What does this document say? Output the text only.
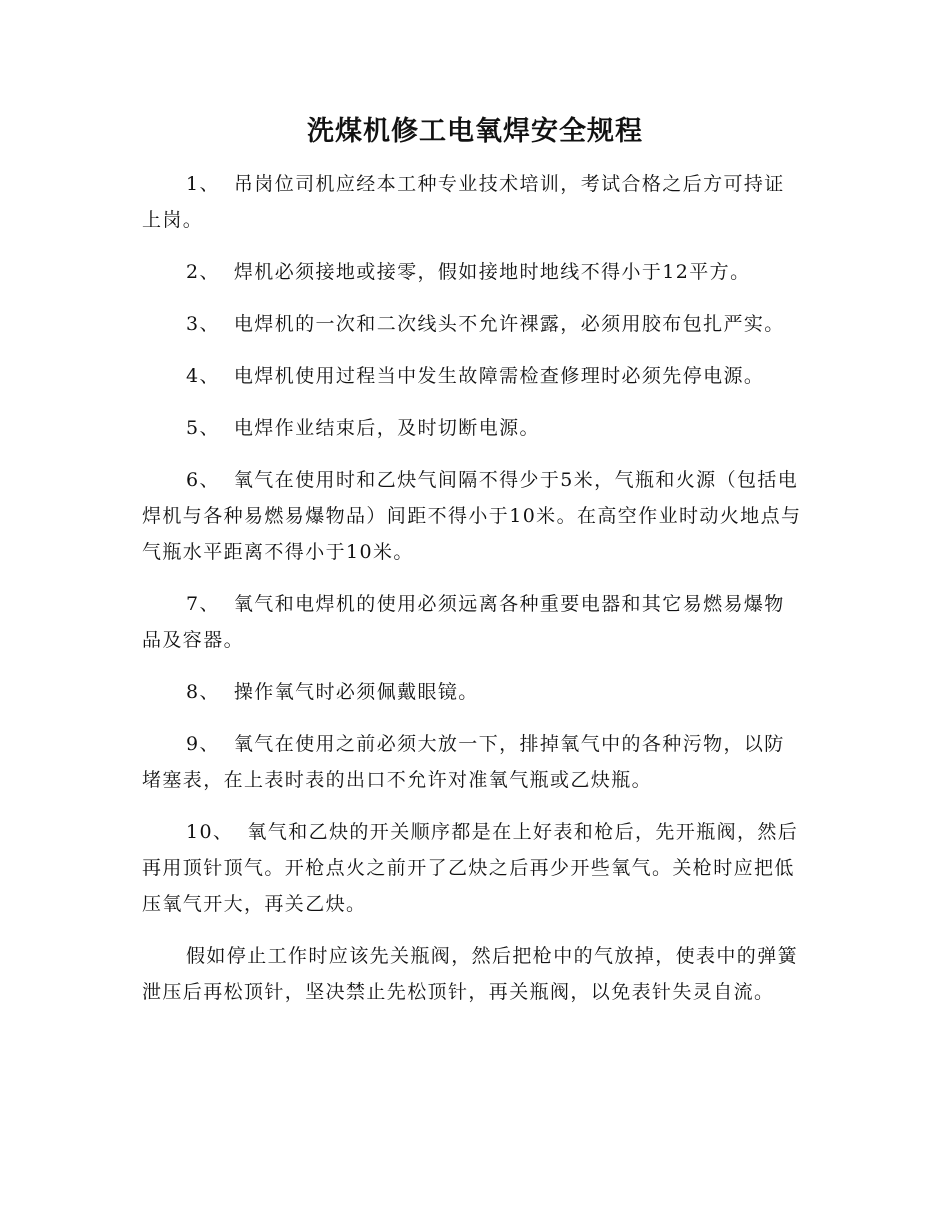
洗煤机修工电氧焊安全规程

1、 吊岗位司机应经本工种专业技术培训，考试合格之后方可持证上岗。

2、 焊机必须接地或接零，假如接地时地线不得小于12平方。

3、 电焊机的一次和二次线头不允许裸露，必须用胶布包扎严实。

4、 电焊机使用过程当中发生故障需检查修理时必须先停电源。

5、 电焊作业结束后，及时切断电源。

6、 氧气在使用时和乙炔气间隔不得少于5米，气瓶和火源（包括电焊机与各种易燃易爆物品）间距不得小于10米。在高空作业时动火地点与气瓶水平距离不得小于10米。

7、 氧气和电焊机的使用必须远离各种重要电器和其它易燃易爆物品及容器。

8、 操作氧气时必须佩戴眼镜。

9、 氧气在使用之前必须大放一下，排掉氧气中的各种污物，以防堵塞表，在上表时表的出口不允许对准氧气瓶或乙炔瓶。

10、 氧气和乙炔的开关顺序都是在上好表和枪后，先开瓶阀，然后再用顶针顶气。开枪点火之前开了乙炔之后再少开些氧气。关枪时应把低压氧气开大，再关乙炔。

假如停止工作时应该先关瓶阀，然后把枪中的气放掉，使表中的弹簧泄压后再松顶针，坚决禁止先松顶针，再关瓶阀，以免表针失灵自流。
